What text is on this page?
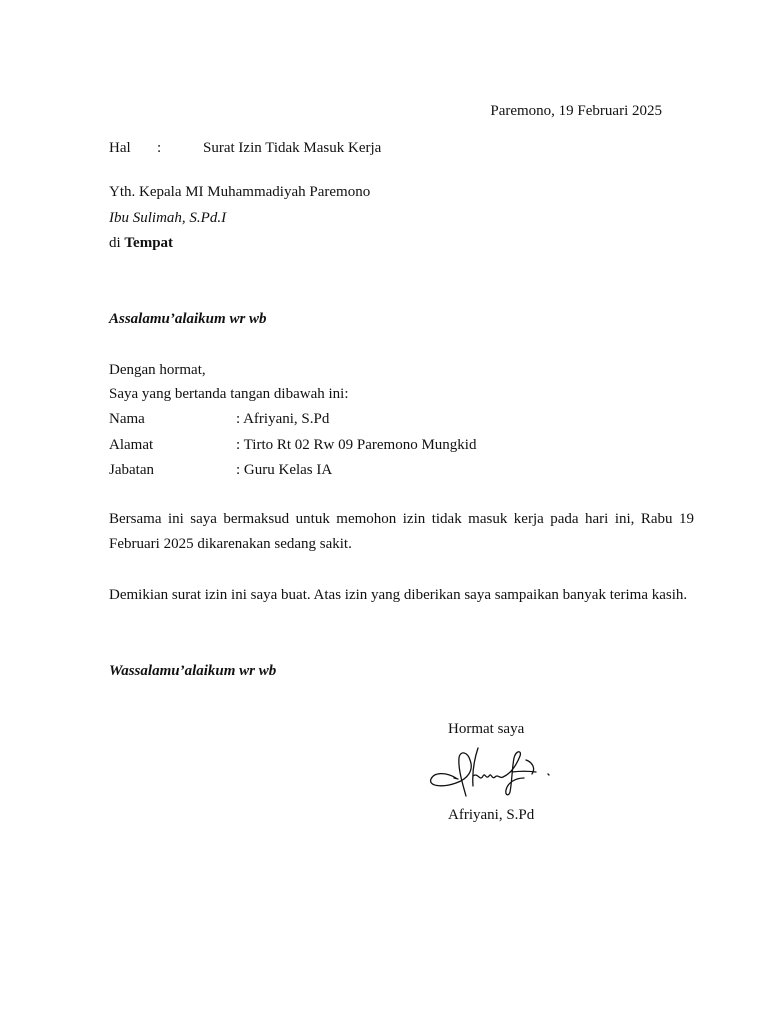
Paremono, 19 Februari 2025
Hal :	Surat Izin Tidak Masuk Kerja
Yth. Kepala MI Muhammadiyah Paremono
Ibu Sulimah, S.Pd.I
di Tempat
Assalamu’alaikum wr wb
Dengan hormat,
Saya yang bertanda tangan dibawah ini:
Nama	: Afriyani, S.Pd
Alamat	: Tirto Rt 02 Rw 09 Paremono Mungkid
Jabatan	: Guru Kelas IA
Bersama ini saya bermaksud untuk memohon izin tidak masuk kerja pada hari ini, Rabu 19 Februari 2025 dikarenakan sedang sakit.
Demikian surat izin ini saya buat. Atas izin yang diberikan saya sampaikan banyak terima kasih.
Wassalamu’alaikum wr wb
Hormat saya
Afriyani, S.Pd
